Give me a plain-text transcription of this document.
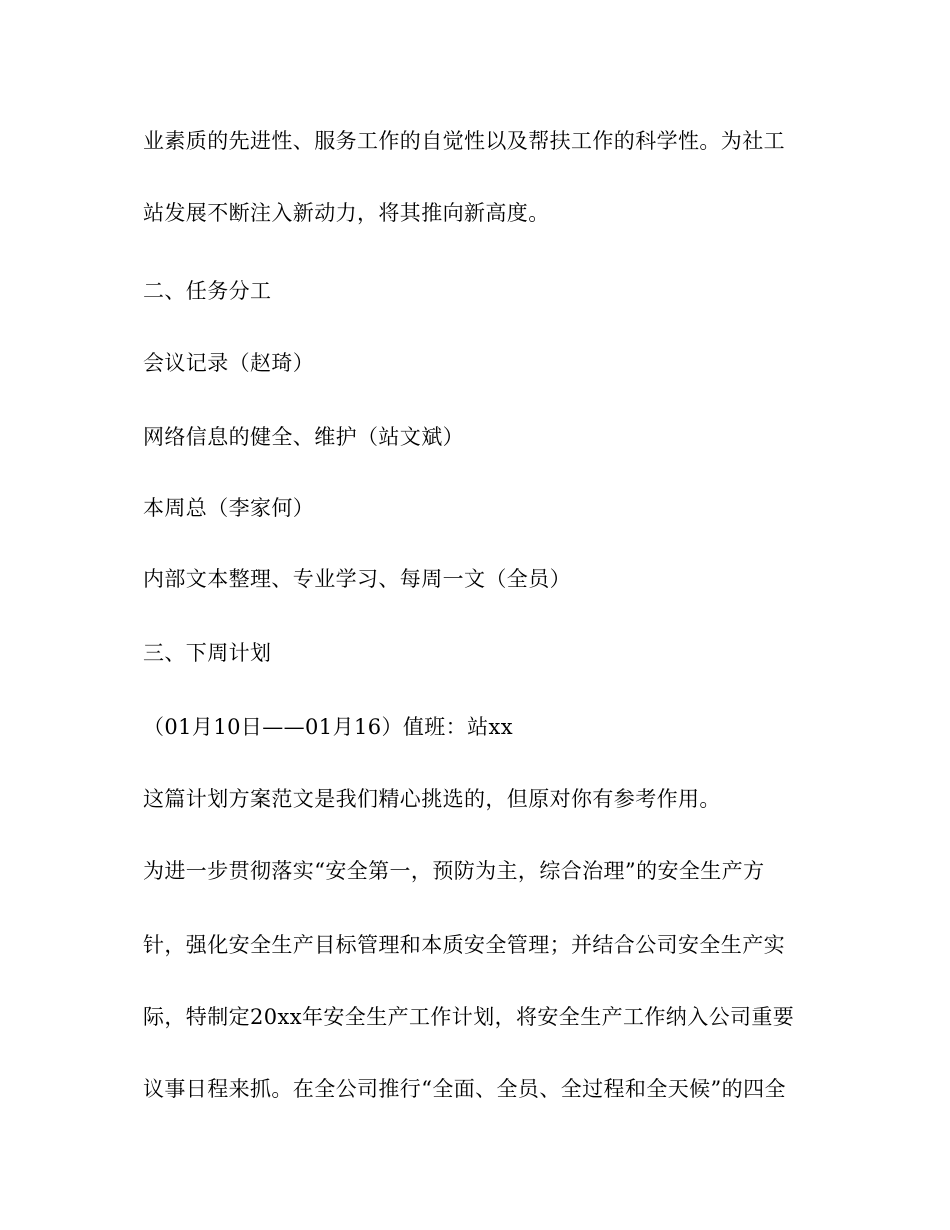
业素质的先进性、服务工作的自觉性以及帮扶工作的科学性。为社工
站发展不断注入新动力，将其推向新高度。
二、任务分工
会议记录（赵琦）
网络信息的健全、维护（站文斌）
本周总（李家何）
内部文本整理、专业学习、每周一文（全员）
三、下周计划
（01月10日——01月16）值班：站xx
这篇计划方案范文是我们精心挑选的，但原对你有参考作用。
为进一步贯彻落实“安全第一，预防为主，综合治理”的安全生产方
针，强化安全生产目标管理和本质安全管理；并结合公司安全生产实
际，特制定20xx年安全生产工作计划，将安全生产工作纳入公司重要
议事日程来抓。在全公司推行“全面、全员、全过程和全天候”的四全
